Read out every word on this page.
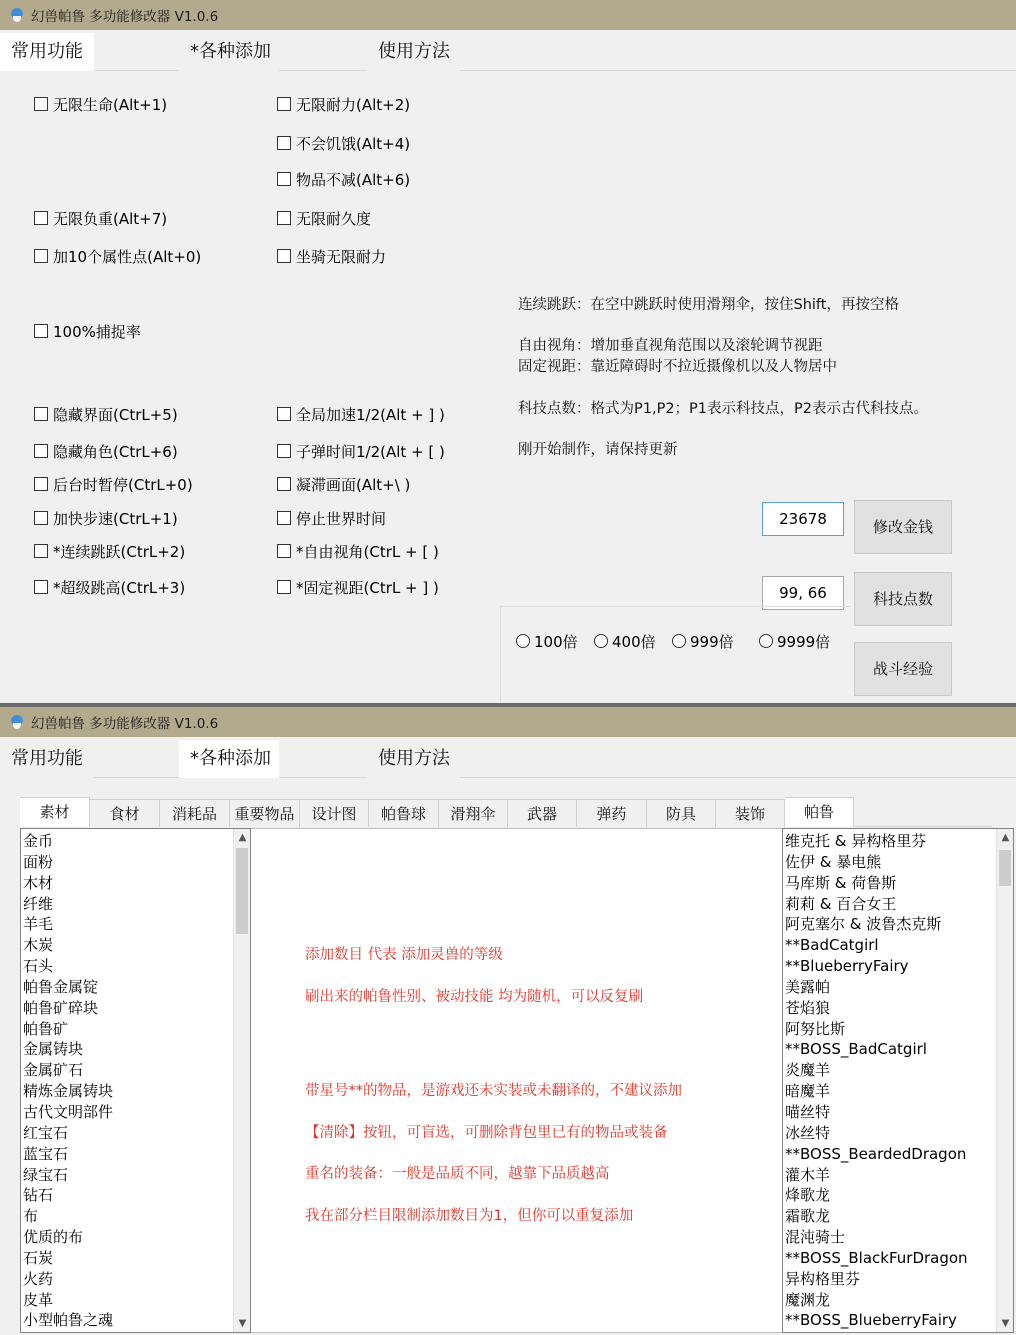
幻兽帕鲁 多功能修改器 V1.0.6
常用功能	*各种添加	使用方法
无限生命(Alt+1)
无限负重(Alt+7)
加10个属性点(Alt+0)
100%捕捉率
隐藏界面(CtrL+5)
隐藏角色(CtrL+6)
后台时暂停(CtrL+0)
加快步速(CtrL+1)
*连续跳跃(CtrL+2)
*超级跳高(CtrL+3)
无限耐力(Alt+2)
不会饥饿(Alt+4)
物品不减(Alt+6)
无限耐久度
坐骑无限耐力
全局加速1/2(Alt + ] )
子弹时间1/2(Alt + [ )
凝滞画面(Alt+\ )
停止世界时间
*自由视角(CtrL + [ )
*固定视距(CtrL + ] )
连续跳跃：在空中跳跃时使用滑翔伞，按住Shift，再按空格
自由视角：增加垂直视角范围以及滚轮调节视距
固定视距：靠近障碍时不拉近摄像机以及人物居中
科技点数：格式为P1,P2；P1表示科技点，P2表示古代科技点。
刚开始制作，请保持更新
23678	修改金钱
99, 66	科技点数
100倍 400倍 999倍	9999倍
战斗经验
幻兽帕鲁 多功能修改器 V1.0.6
常用功能	*各种添加	使用方法
素材	食材	消耗品	重要物品	设计图	帕鲁球	滑翔伞	武器	弹药	防具	装饰	帕鲁
金币
面粉
木材
纤维
羊毛
木炭
石头
帕鲁金属锭
帕鲁矿碎块
帕鲁矿
金属铸块
金属矿石
精炼金属铸块
古代文明部件
红宝石
蓝宝石
绿宝石
钻石
布
优质的布
石炭
火药
皮革
小型帕鲁之魂
▲
▼
维克托 & 异构格里芬
佐伊 & 暴电熊
马库斯 & 荷鲁斯
莉莉 & 百合女王
阿克塞尔 & 波鲁杰克斯
**BadCatgirl
**BlueberryFairy
美露帕
苍焰狼
阿努比斯
**BOSS_BadCatgirl
炎魔羊
暗魔羊
喵丝特
冰丝特
**BOSS_BeardedDragon
灌木羊
烽歌龙
霜歌龙
混沌骑士
**BOSS_BlackFurDragon
异构格里芬
魔渊龙
**BOSS_BlueberryFairy
▲
▼
添加数目 代表 添加灵兽的等级
刷出来的帕鲁性别、被动技能 均为随机，可以反复刷
带星号**的物品，是游戏还未实装或未翻译的，不建议添加
【清除】按钮，可盲选，可删除背包里已有的物品或装备
重名的装备：一般是品质不同，越靠下品质越高
我在部分栏目限制添加数目为1，但你可以重复添加
